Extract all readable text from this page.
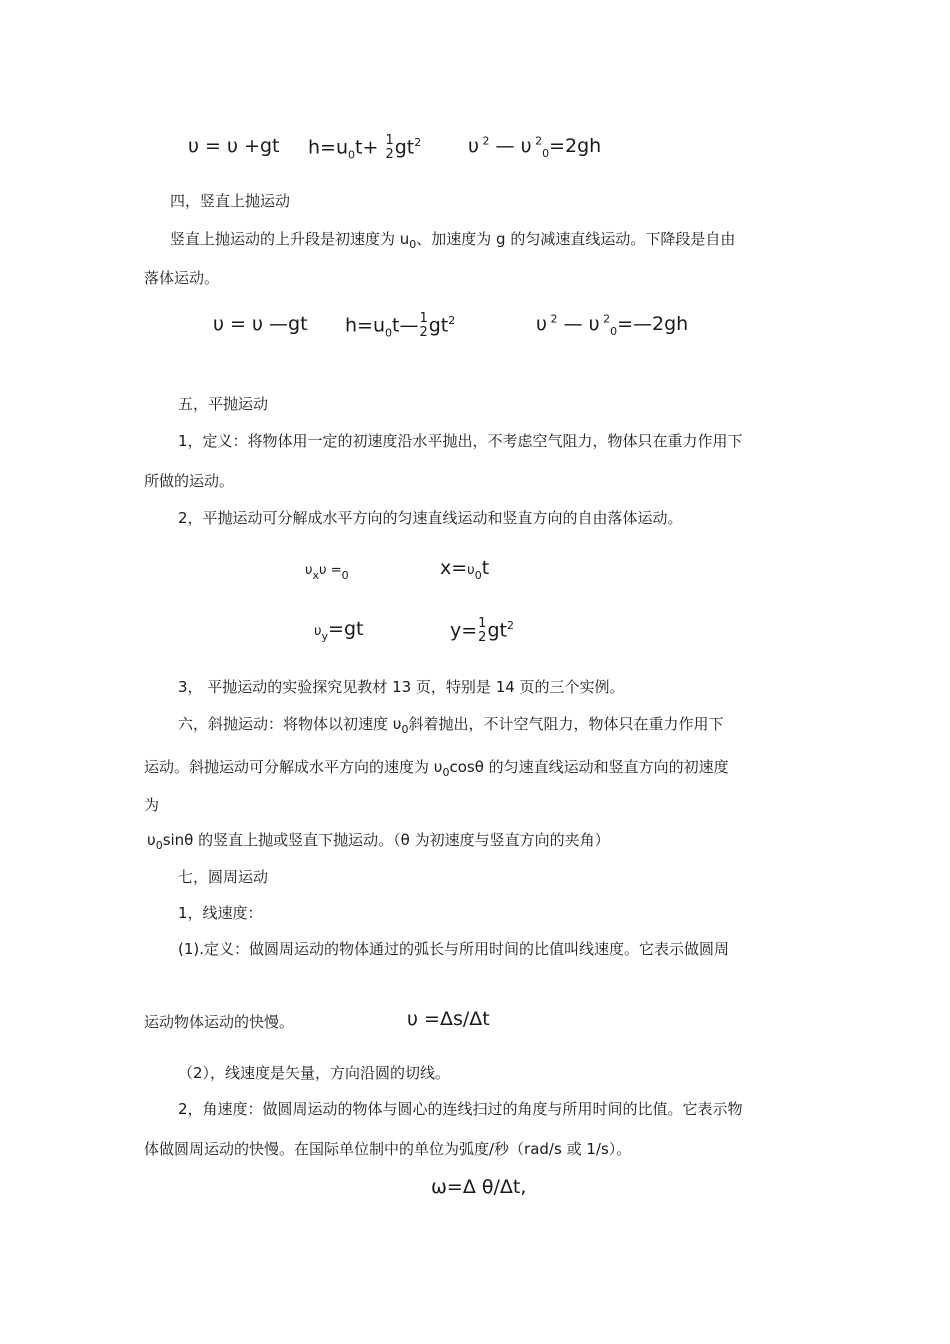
υ = υ +gt $h=u_0t+ 1$
2 $gt^2$ υ $^2$ — υ $^2_0$=2gh
四，竖直上抛运动
竖直上抛运动的上升段是初速度为 $u_0$、加速度为 g 的匀减速直线运动。下降段是自由
落体运动。
υ = υ —gt $h=u_0t—$ 1
2 $gt^2$	υ $^2$ — υ $^2_0$=—2gh
五，平抛运动
1，定义：将物体用一定的初速度沿水平抛出，不考虑空气阻力，物体只在重力作用下
所做的运动。
2，平抛运动可分解成水平方向的匀速直线运动和竖直方向的自由落体运动。
$\upsilon_x\upsilon =_0$	$x=\upsilon_0t$
$\upsilon_y=gt$	y= 1
2 $gt^2$
3， 平抛运动的实验探究见教材 13 页，特别是 14 页的三个实例。
六，斜抛运动：将物体以初速度 $\upsilon_0$斜着抛出，不计空气阻力，物体只在重力作用下
运动。斜抛运动可分解成水平方向的速度为 $\upsilon_0\cos\theta$ 的匀速直线运动和竖直方向的初速度
为
$\upsilon_0\sin\theta$ 的竖直上抛或竖直下抛运动。（θ 为初速度与竖直方向的夹角）
七，圆周运动
1，线速度：
(1).定义：做圆周运动的物体通过的弧长与所用时间的比值叫线速度。它表示做圆周
运动物体运动的快慢。	υ =Δs/Δt
（2），线速度是矢量，方向沿圆的切线。
2，角速度：做圆周运动的物体与圆心的连线扫过的角度与所用时间的比值。它表示物
体做圆周运动的快慢。在国际单位制中的单位为弧度/秒（rad/s 或 1/s）。
ω=Δ θ/Δt,
